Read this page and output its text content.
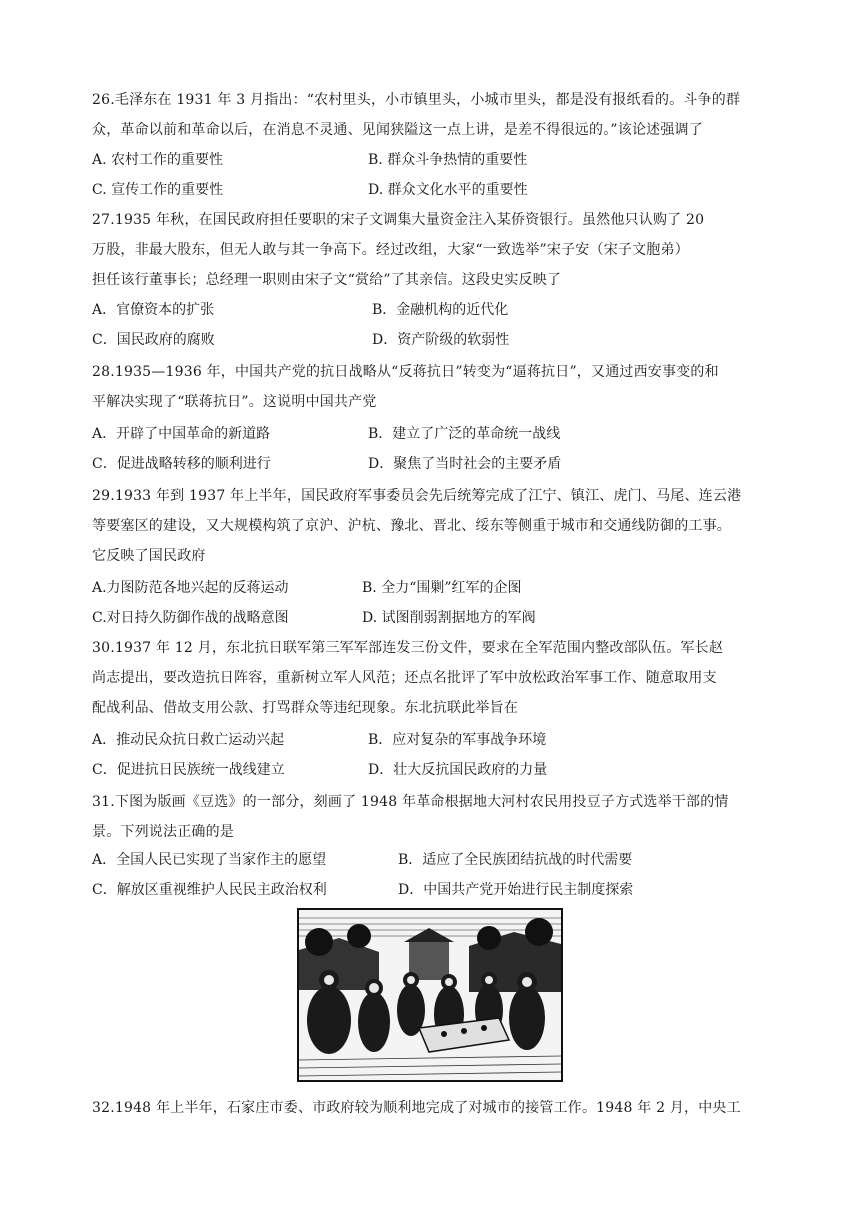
26.毛泽东在 1931 年 3 月指出：“农村里头，小市镇里头，小城市里头，都是没有报纸看的。斗争的群
众，革命以前和革命以后，在消息不灵通、见闻狭隘这一点上讲，是差不得很远的。”该论述强调了
A. 农村工作的重要性	B. 群众斗争热情的重要性
C. 宣传工作的重要性	D. 群众文化水平的重要性
27.1935 年秋，在国民政府担任要职的宋子文调集大量资金注入某侨资银行。虽然他只认购了 20
万股，非最大股东，但无人敢与其一争高下。经过改组，大家“一致选举”宋子安（宋子文胞弟）
担任该行董事长；总经理一职则由宋子文“赏给”了其亲信。这段史实反映了
A．官僚资本的扩张	B．金融机构的近代化
C．国民政府的腐败	D．资产阶级的软弱性
28.1935—1936 年，中国共产党的抗日战略从“反蒋抗日”转变为“逼蒋抗日”，又通过西安事变的和
平解决实现了“联蒋抗日”。这说明中国共产党
A．开辟了中国革命的新道路	B．建立了广泛的革命统一战线
C．促进战略转移的顺利进行	D．聚焦了当时社会的主要矛盾
29.1933 年到 1937 年上半年，国民政府军事委员会先后统筹完成了江宁、镇江、虎门、马尾、连云港
等要塞区的建设，又大规模构筑了京沪、沪杭、豫北、晋北、绥东等侧重于城市和交通线防御的工事。
它反映了国民政府
A.力图防范各地兴起的反蒋运动	B. 全力“围剿”红军的企图
C.对日持久防御作战的战略意图	D. 试图削弱割据地方的军阀
30.1937 年 12 月，东北抗日联军第三军军部连发三份文件，要求在全军范围内整改部队伍。军长赵
尚志提出，要改造抗日阵容，重新树立军人风范；还点名批评了军中放松政治军事工作、随意取用支
配战利品、借故支用公款、打骂群众等违纪现象。东北抗联此举旨在
A．推动民众抗日救亡运动兴起	B．应对复杂的军事战争环境
C．促进抗日民族统一战线建立	D．壮大反抗国民政府的力量
31.下图为版画《豆选》的一部分，刻画了 1948 年革命根据地大河村农民用投豆子方式选举干部的情
景。下列说法正确的是
A．全国人民已实现了当家作主的愿望	B．适应了全民族团结抗战的时代需要
C．解放区重视维护人民民主政治权利	D．中国共产党开始进行民主制度探索
32.1948 年上半年，石家庄市委、市政府较为顺利地完成了对城市的接管工作。1948 年 2 月，中央工
